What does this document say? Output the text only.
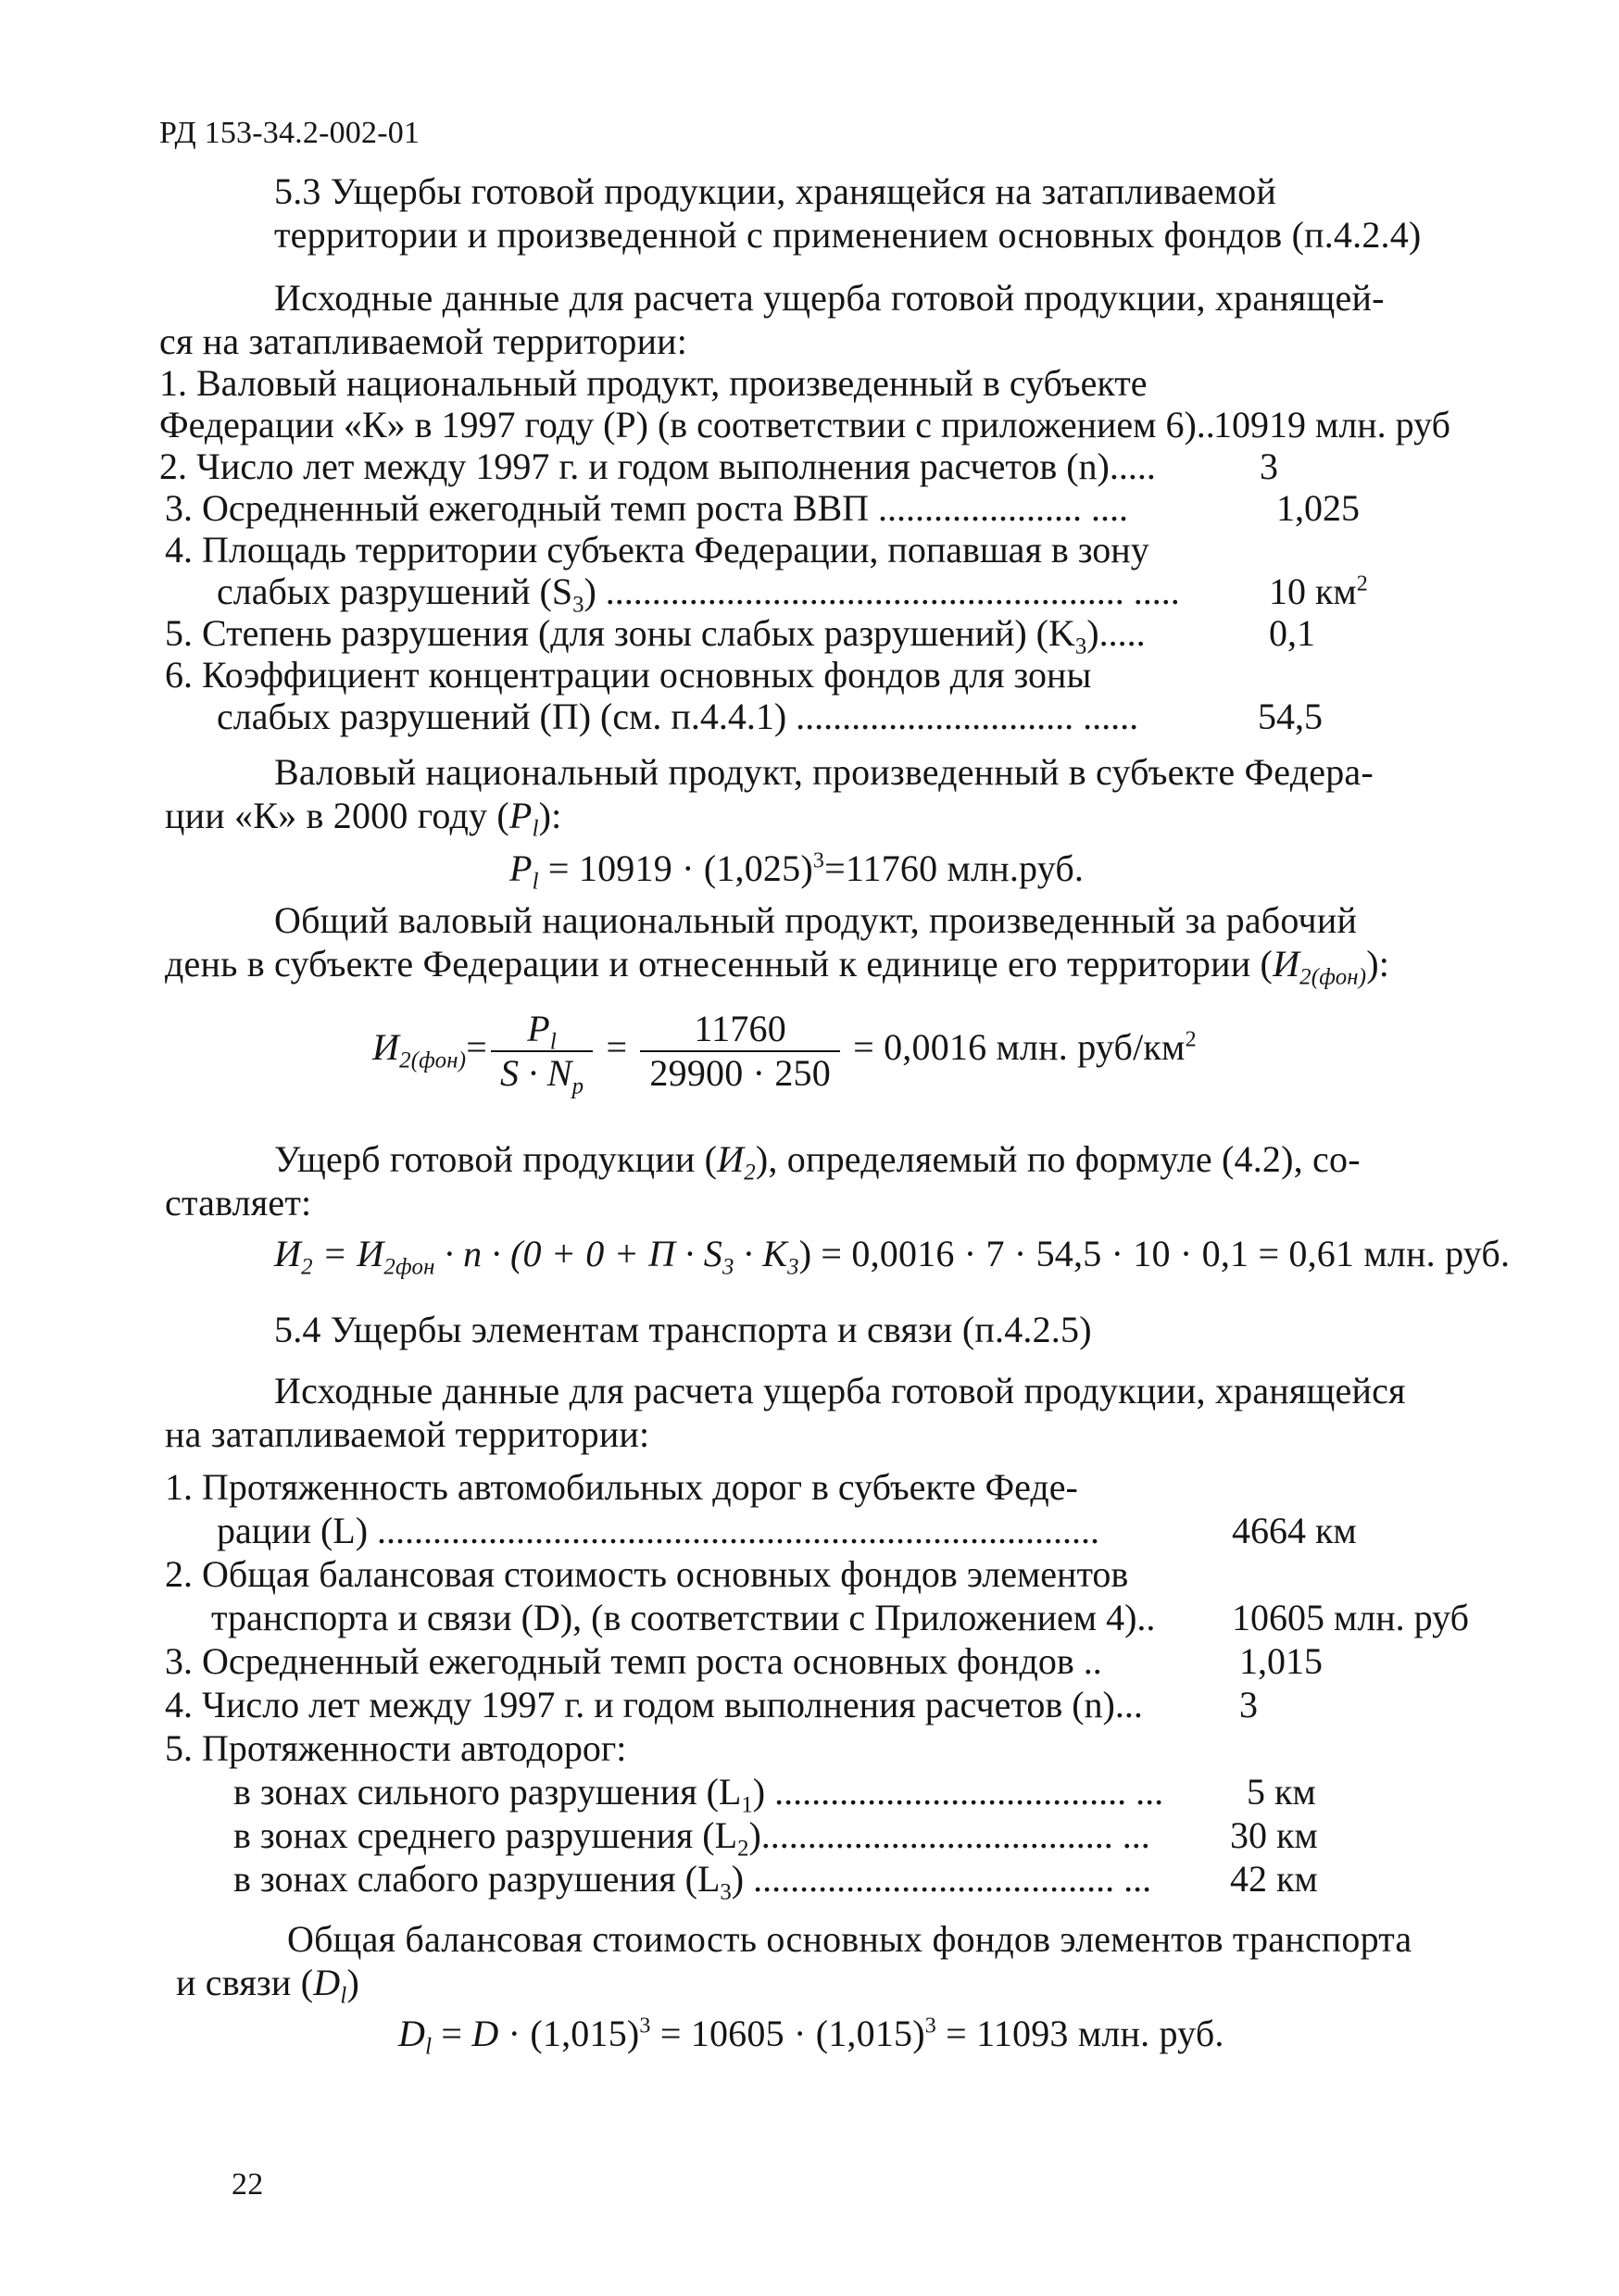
РД 153-34.2-002-01
5.3 Ущербы готовой продукции, хранящейся на затапливаемой
территории и произведенной с применением основных фондов (п.4.2.4)
Исходные данные для расчета ущерба готовой продукции, хранящей-
ся на затапливаемой территории:
1. Валовый национальный продукт, произведенный в субъекте
Федерации «К» в 1997 году (Р) (в соответствии с приложением 6)..
10919 млн. руб
2. Число лет между 1997 г. и годом выполнения расчетов (n).....	3
3. Осредненный ежегодный темп роста ВВП ...................... ....	1,025
4. Площадь территории субъекта Федерации, попавшая в зону
слабых разрушений $(S_3)$ ........................................................ ..... 10 $км^2$
5. Степень разрушения (для зоны слабых разрушений) $(K_3)$.....	0,1
6. Коэффициент концентрации основных фондов для зоны
слабых разрушений (П) (см. п.4.4.1) .............................. ......	54,5
Валовый национальный продукт, произведенный в субъекте Федера-
ции «К» в 2000 году $(P_l)$:
$P_l = 10919 \cdot (1,025)^3=11760$ млн.руб.
Общий валовый национальный продукт, произведенный за рабочий
день в субъекте Федерации и отнесенный к единице его территории $(И_{2(фон)})$:
$И_{2(фон)}= \frac{P_l}{S \cdot N_p} = \frac{11760}{29900 \cdot 250} = 0,0016$ млн. руб/$км^2$
Ущерб готовой продукции $(И_2)$, определяемый по формуле (4.2), со-
ставляет:
$И_2 = И_{2фон} \cdot n \cdot (0 + 0 + П \cdot S_3 \cdot K_3) = 0,0016 \cdot 7 \cdot 54,5 \cdot 10 \cdot 0,1 = 0,61$ млн. руб.
5.4 Ущербы элементам транспорта и связи (п.4.2.5)
Исходные данные для расчета ущерба готовой продукции, хранящейся
на затапливаемой территории:
1. Протяженность автомобильных дорог в субъекте Феде-
рации (L) ..............................................................................	4664 км
2. Общая балансовая стоимость основных фондов элементов
транспорта и связи (D), (в соответствии с Приложением 4).. 10605 млн. руб
3. Осредненный ежегодный темп роста основных фондов ..	1,015
4. Число лет между 1997 г. и годом выполнения расчетов (n)...	3
5. Протяженности автодорог:
в зонах сильного разрушения $(L_1)$ ...................................... ... 5 км
в зонах среднего разрушения $(L_2)$...................................... ... 30 км
в зонах слабого разрушения $(L_3)$ ....................................... ... 42 км
Общая балансовая стоимость основных фондов элементов транспорта
и связи $(D_l)$
$D_l = D \cdot (1,015)^3 = 10605 \cdot (1,015)^3 = 11093$ млн. руб.
22
